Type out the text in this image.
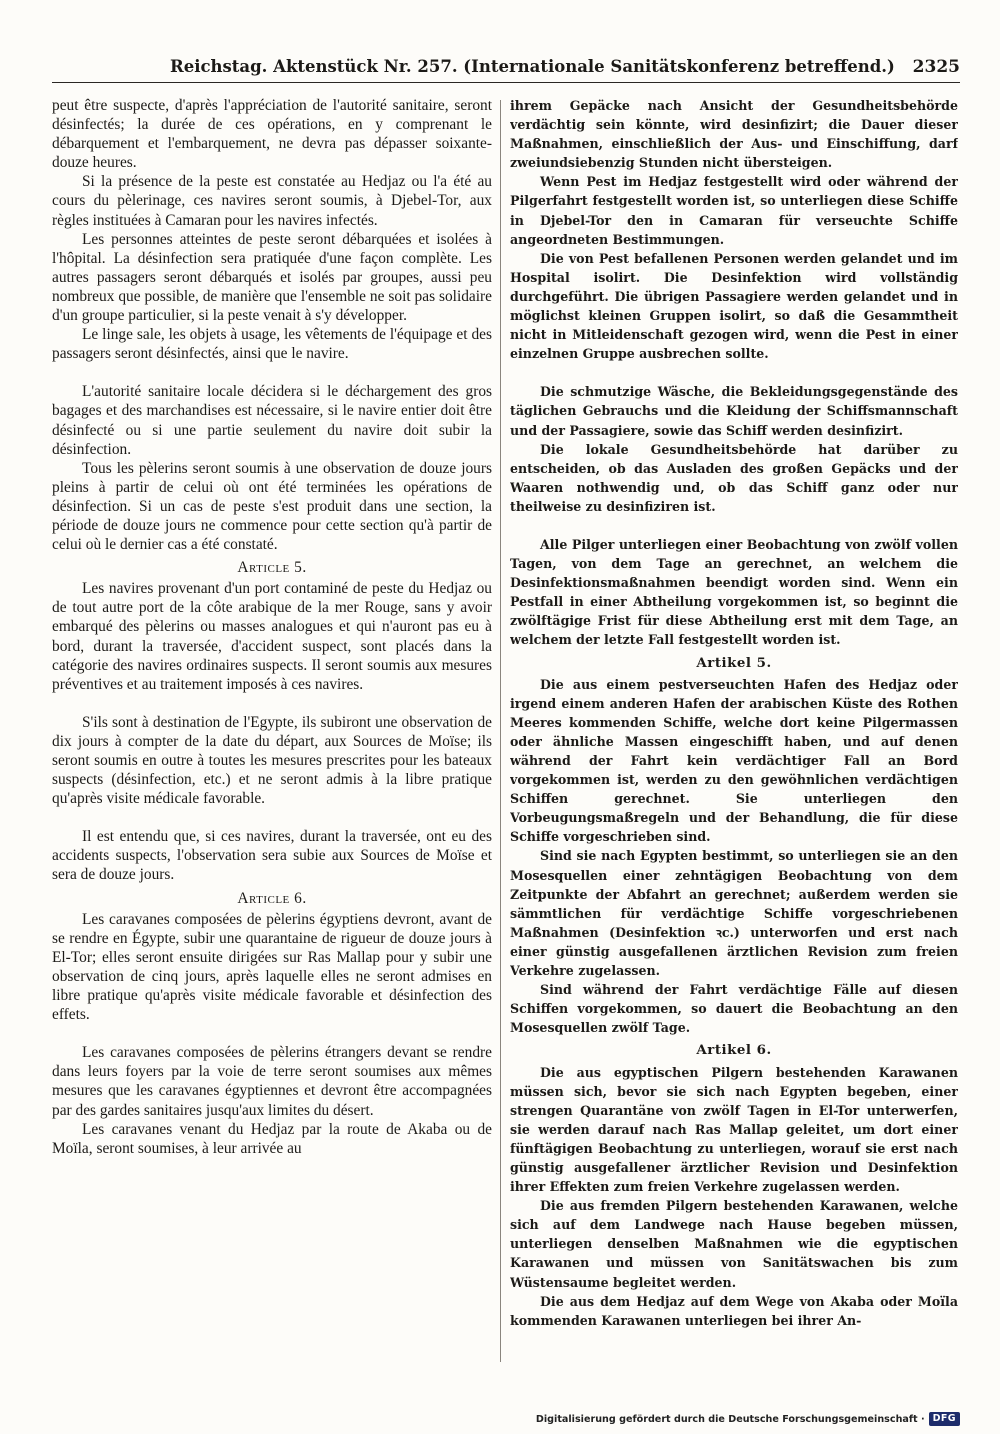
Reichstag. Aktenstück Nr. 257. (Internationale Sanitätskonferenz betreffend.) 2325

peut être suspecte, d'après l'appréciation de l'autorité sanitaire, seront désinfectés; la durée de ces opérations, en y comprenant le débarquement et l'embarquement, ne devra pas dépasser soixante-douze heures.

Si la présence de la peste est constatée au Hedjaz ou l'a été au cours du pèlerinage, ces navires seront soumis, à Djebel-Tor, aux règles instituées à Camaran pour les navires infectés.

Les personnes atteintes de peste seront débarquées et isolées à l'hôpital. La désinfection sera pratiquée d'une façon complète. Les autres passagers seront débarqués et isolés par groupes, aussi peu nombreux que possible, de manière que l'ensemble ne soit pas solidaire d'un groupe particulier, si la peste venait à s'y développer.

Le linge sale, les objets à usage, les vêtements de l'équipage et des passagers seront désinfectés, ainsi que le navire.

L'autorité sanitaire locale décidera si le déchargement des gros bagages et des marchandises est nécessaire, si le navire entier doit être désinfecté ou si une partie seulement du navire doit subir la désinfection.

Tous les pèlerins seront soumis à une observation de douze jours pleins à partir de celui où ont été terminées les opérations de désinfection. Si un cas de peste s'est produit dans une section, la période de douze jours ne commence pour cette section qu'à partir de celui où le dernier cas a été constaté.

Article 5.

Les navires provenant d'un port contaminé de peste du Hedjaz ou de tout autre port de la côte arabique de la mer Rouge, sans y avoir embarqué des pèlerins ou masses analogues et qui n'auront pas eu à bord, durant la traversée, d'accident suspect, sont placés dans la catégorie des navires ordinaires suspects. Il seront soumis aux mesures préventives et au traitement imposés à ces navires.

S'ils sont à destination de l'Egypte, ils subiront une observation de dix jours à compter de la date du départ, aux Sources de Moïse; ils seront soumis en outre à toutes les mesures prescrites pour les bateaux suspects (désinfection, etc.) et ne seront admis à la libre pratique qu'après visite médicale favorable.

Il est entendu que, si ces navires, durant la traversée, ont eu des accidents suspects, l'observation sera subie aux Sources de Moïse et sera de douze jours.

Article 6.

Les caravanes composées de pèlerins égyptiens devront, avant de se rendre en Égypte, subir une quarantaine de rigueur de douze jours à El-Tor; elles seront ensuite dirigées sur Ras Mallap pour y subir une observation de cinq jours, après laquelle elles ne seront admises en libre pratique qu'après visite médicale favorable et désinfection des effets.

Les caravanes composées de pèlerins étrangers devant se rendre dans leurs foyers par la voie de terre seront soumises aux mêmes mesures que les caravanes égyptiennes et devront être accompagnées par des gardes sanitaires jusqu'aux limites du désert.

Les caravanes venant du Hedjaz par la route de Akaba ou de Moïla, seront soumises, à leur arrivée au

ihrem Gepäcke nach Ansicht der Gesundheitsbehörde verdächtig sein könnte, wird desinfizirt; die Dauer dieser Maßnahmen, einschließlich der Aus- und Einschiffung, darf zweiundsiebenzig Stunden nicht übersteigen.

Wenn Pest im Hedjaz festgestellt wird oder während der Pilgerfahrt festgestellt worden ist, so unterliegen diese Schiffe in Djebel-Tor den in Camaran für verseuchte Schiffe angeordneten Bestimmungen.

Die von Pest befallenen Personen werden gelandet und im Hospital isolirt. Die Desinfektion wird vollständig durchgeführt. Die übrigen Passagiere werden gelandet und in möglichst kleinen Gruppen isolirt, so daß die Gesammtheit nicht in Mitleidenschaft gezogen wird, wenn die Pest in einer einzelnen Gruppe ausbrechen sollte.

Die schmutzige Wäsche, die Bekleidungsgegenstände des täglichen Gebrauchs und die Kleidung der Schiffsmannschaft und der Passagiere, sowie das Schiff werden desinfizirt.

Die lokale Gesundheitsbehörde hat darüber zu entscheiden, ob das Ausladen des großen Gepäcks und der Waaren nothwendig und, ob das Schiff ganz oder nur theilweise zu desinfiziren ist.

Alle Pilger unterliegen einer Beobachtung von zwölf vollen Tagen, von dem Tage an gerechnet, an welchem die Desinfektionsmaßnahmen beendigt worden sind. Wenn ein Pestfall in einer Abtheilung vorgekommen ist, so beginnt die zwölftägige Frist für diese Abtheilung erst mit dem Tage, an welchem der letzte Fall festgestellt worden ist.

Artikel 5.

Die aus einem pestverseuchten Hafen des Hedjaz oder irgend einem anderen Hafen der arabischen Küste des Rothen Meeres kommenden Schiffe, welche dort keine Pilgermassen oder ähnliche Massen eingeschifft haben, und auf denen während der Fahrt kein verdächtiger Fall an Bord vorgekommen ist, werden zu den gewöhnlichen verdächtigen Schiffen gerechnet. Sie unterliegen den Vorbeugungsmaßregeln und der Behandlung, die für diese Schiffe vorgeschrieben sind.

Sind sie nach Egypten bestimmt, so unterliegen sie an den Mosesquellen einer zehntägigen Beobachtung von dem Zeitpunkte der Abfahrt an gerechnet; außerdem werden sie sämmtlichen für verdächtige Schiffe vorgeschriebenen Maßnahmen (Desinfektion ꝛc.) unterworfen und erst nach einer günstig ausgefallenen ärztlichen Revision zum freien Verkehre zugelassen.

Sind während der Fahrt verdächtige Fälle auf diesen Schiffen vorgekommen, so dauert die Beobachtung an den Mosesquellen zwölf Tage.

Artikel 6.

Die aus egyptischen Pilgern bestehenden Karawanen müssen sich, bevor sie sich nach Egypten begeben, einer strengen Quarantäne von zwölf Tagen in El-Tor unterwerfen, sie werden darauf nach Ras Mallap geleitet, um dort einer fünftägigen Beobachtung zu unterliegen, worauf sie erst nach günstig ausgefallener ärztlicher Revision und Desinfektion ihrer Effekten zum freien Verkehre zugelassen werden.

Die aus fremden Pilgern bestehenden Karawanen, welche sich auf dem Landwege nach Hause begeben müssen, unterliegen denselben Maßnahmen wie die egyptischen Karawanen und müssen von Sanitätswachen bis zum Wüstensaume begleitet werden.

Die aus dem Hedjaz auf dem Wege von Akaba oder Moïla kommenden Karawanen unterliegen bei ihrer An-

Digitalisierung gefördert durch die Deutsche Forschungsgemeinschaft · DFG
